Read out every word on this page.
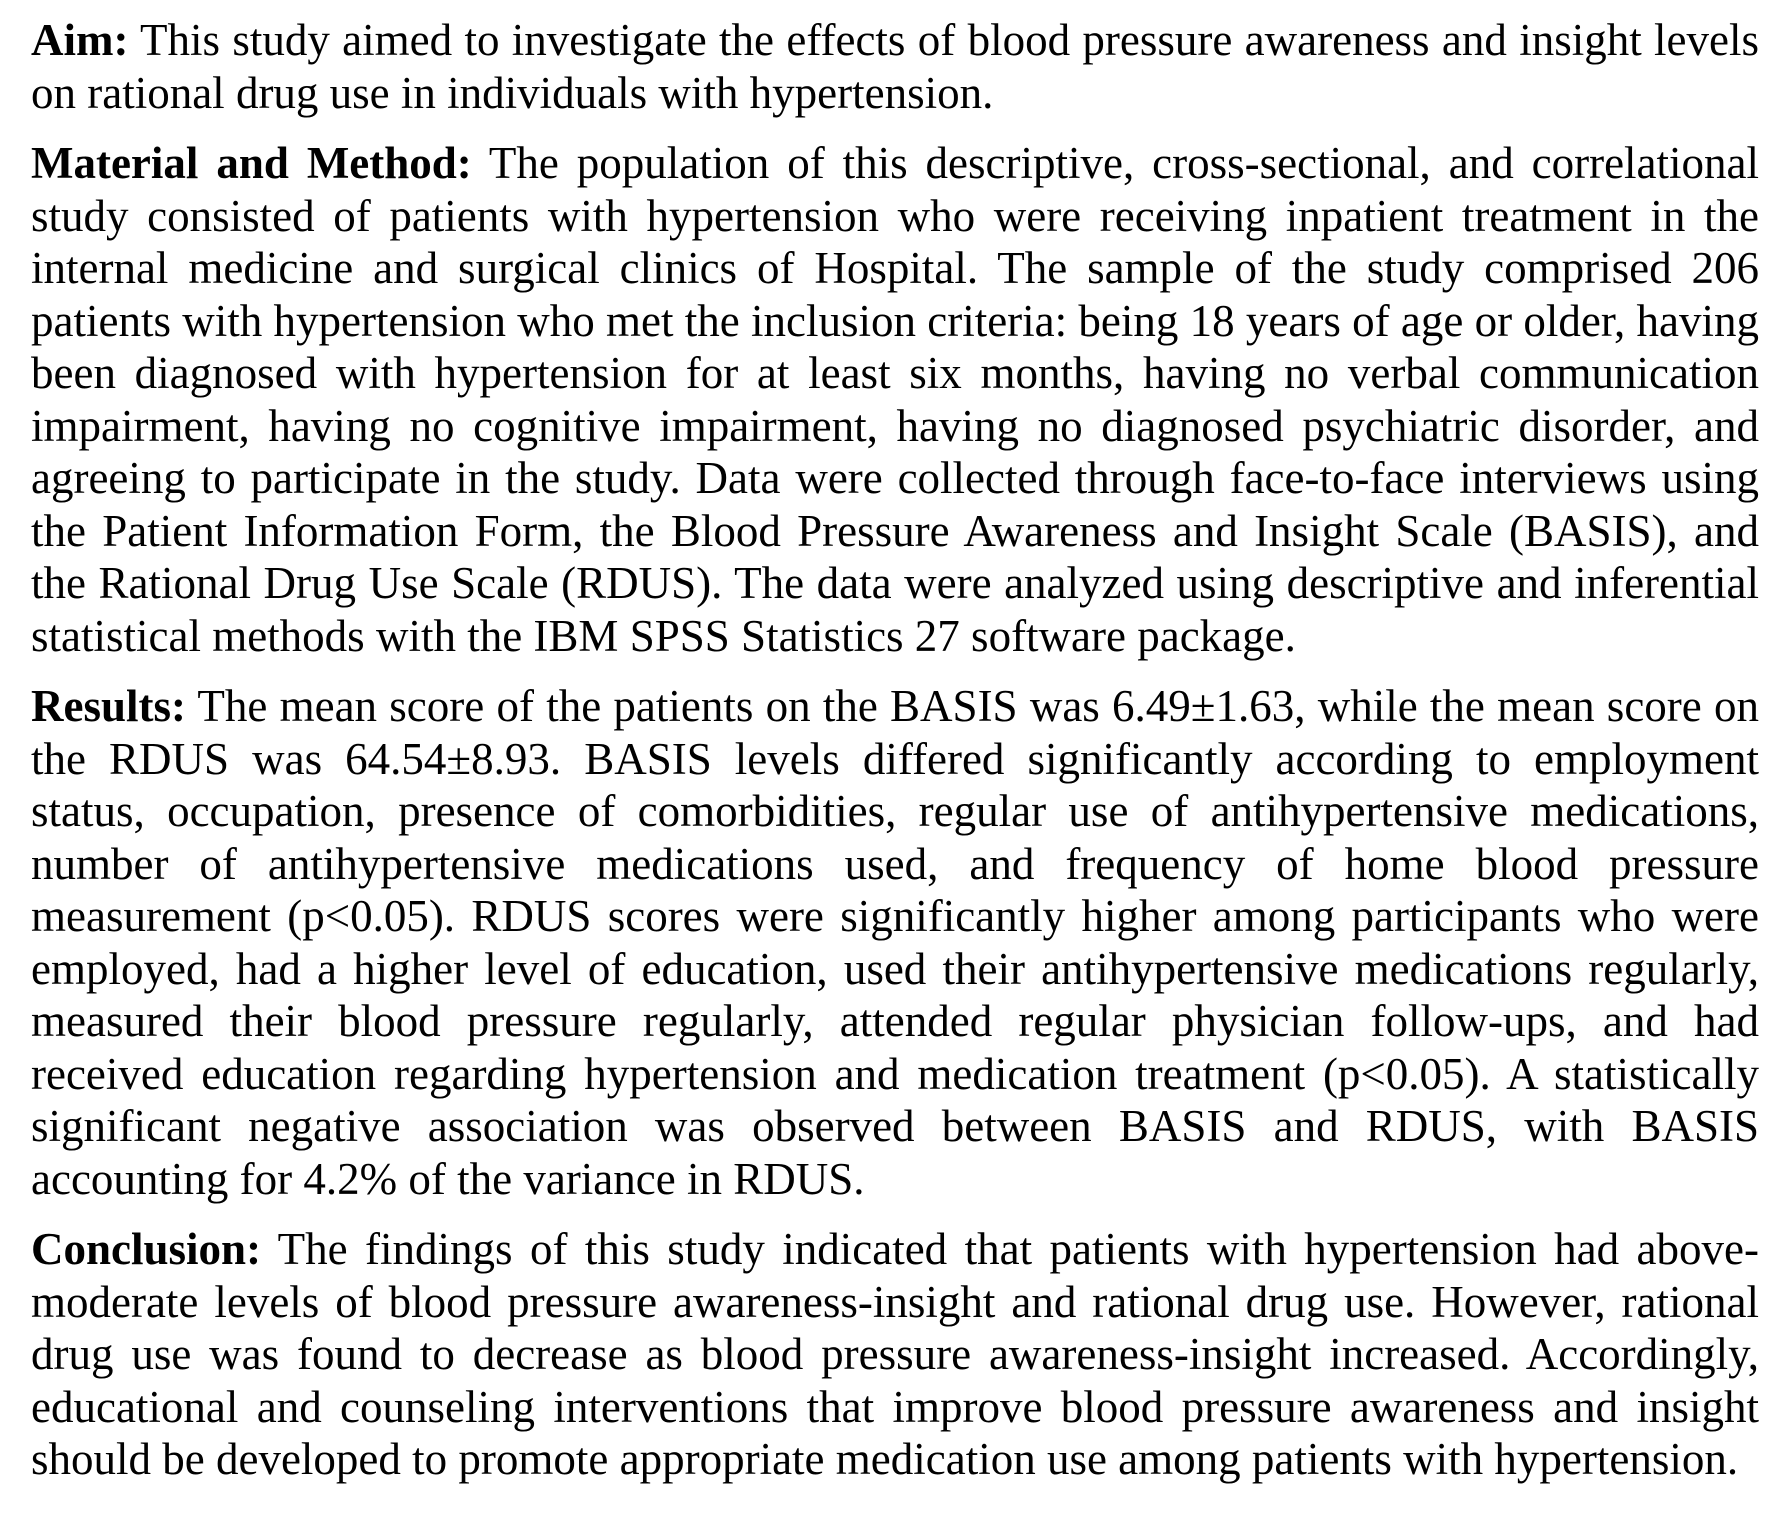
Aim: This study aimed to investigate the effects of blood pressure awareness and insight levels on rational drug use in individuals with hypertension.

Material and Method: The population of this descriptive, cross-sectional, and correlational study consisted of patients with hypertension who were receiving inpatient treatment in the internal medicine and surgical clinics of Hospital. The sample of the study comprised 206 patients with hypertension who met the inclusion criteria: being 18 years of age or older, having been diagnosed with hypertension for at least six months, having no verbal communication impairment, having no cognitive impairment, having no diagnosed psychiatric disorder, and agreeing to participate in the study. Data were collected through face-to-face interviews using the Patient Information Form, the Blood Pressure Awareness and Insight Scale (BASIS), and the Rational Drug Use Scale (RDUS). The data were analyzed using descriptive and inferential statistical methods with the IBM SPSS Statistics 27 software package.

Results: The mean score of the patients on the BASIS was 6.49±1.63, while the mean score on the RDUS was 64.54±8.93. BASIS levels differed significantly according to employment status, occupation, presence of comorbidities, regular use of antihypertensive medications, number of antihypertensive medications used, and frequency of home blood pressure measurement (p<0.05). RDUS scores were significantly higher among participants who were employed, had a higher level of education, used their antihypertensive medications regularly, measured their blood pressure regularly, attended regular physician follow-ups, and had received education regarding hypertension and medication treatment (p<0.05). A statistically significant negative association was observed between BASIS and RDUS, with BASIS accounting for 4.2% of the variance in RDUS.

Conclusion: The findings of this study indicated that patients with hypertension had above-moderate levels of blood pressure awareness-insight and rational drug use. However, rational drug use was found to decrease as blood pressure awareness-insight increased. Accordingly, educational and counseling interventions that improve blood pressure awareness and insight should be developed to promote appropriate medication use among patients with hypertension.
